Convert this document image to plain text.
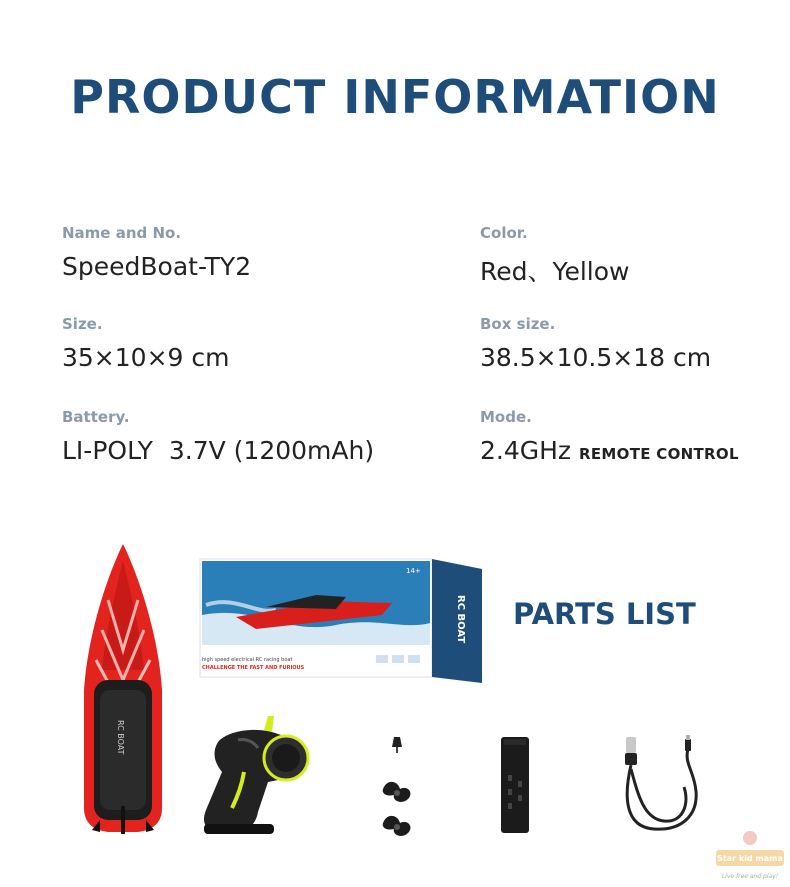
PRODUCT INFORMATION
Name and No.
SpeedBoat-TY2
Color.
Red、Yellow
Size.
35×10×9 cm
Box size.
38.5×10.5×18 cm
Battery.
LI-POLY  3.7V (1200mAh)
Mode.
2.4GHz REMOTE CONTROL
RC BOAT
14+
high speed electrical RC racing boat
CHALLENGE THE FAST AND FURIOUS
RC BOAT PARTS LIST
Star kid mama
Live free and play!
